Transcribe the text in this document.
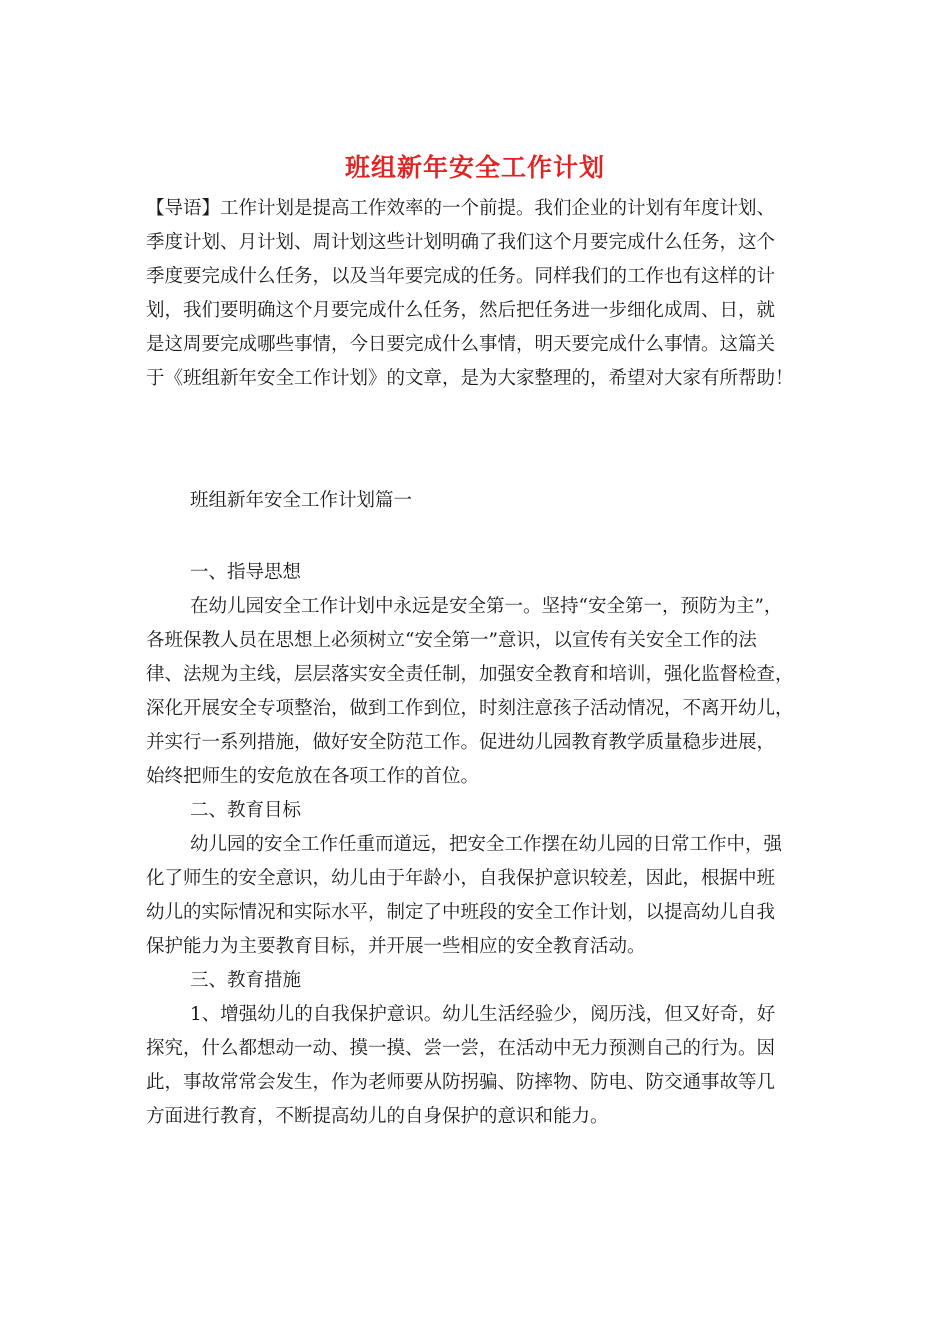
班组新年安全工作计划
【导语】工作计划是提高工作效率的一个前提。我们企业的计划有年度计划、
季度计划、月计划、周计划这些计划明确了我们这个月要完成什么任务，这个
季度要完成什么任务，以及当年要完成的任务。同样我们的工作也有这样的计
划，我们要明确这个月要完成什么任务，然后把任务进一步细化成周、日，就
是这周要完成哪些事情，今日要完成什么事情，明天要完成什么事情。这篇关
于《班组新年安全工作计划》的文章，是为大家整理的，希望对大家有所帮助！
班组新年安全工作计划篇一
一、指导思想
在幼儿园安全工作计划中永远是安全第一。坚持“安全第一，预防为主”，
各班保教人员在思想上必须树立“安全第一”意识，以宣传有关安全工作的法
律、法规为主线，层层落实安全责任制，加强安全教育和培训，强化监督检查，
深化开展安全专项整治，做到工作到位，时刻注意孩子活动情况，不离开幼儿，
并实行一系列措施，做好安全防范工作。促进幼儿园教育教学质量稳步进展，
始终把师生的安危放在各项工作的首位。
二、教育目标
幼儿园的安全工作任重而道远，把安全工作摆在幼儿园的日常工作中，强
化了师生的安全意识，幼儿由于年龄小，自我保护意识较差，因此，根据中班
幼儿的实际情况和实际水平，制定了中班段的安全工作计划，以提高幼儿自我
保护能力为主要教育目标，并开展一些相应的安全教育活动。
三、教育措施
1、增强幼儿的自我保护意识。幼儿生活经验少，阅历浅，但又好奇，好
探究，什么都想动一动、摸一摸、尝一尝，在活动中无力预测自己的行为。因
此，事故常常会发生，作为老师要从防拐骗、防摔物、防电、防交通事故等几
方面进行教育，不断提高幼儿的自身保护的意识和能力。
